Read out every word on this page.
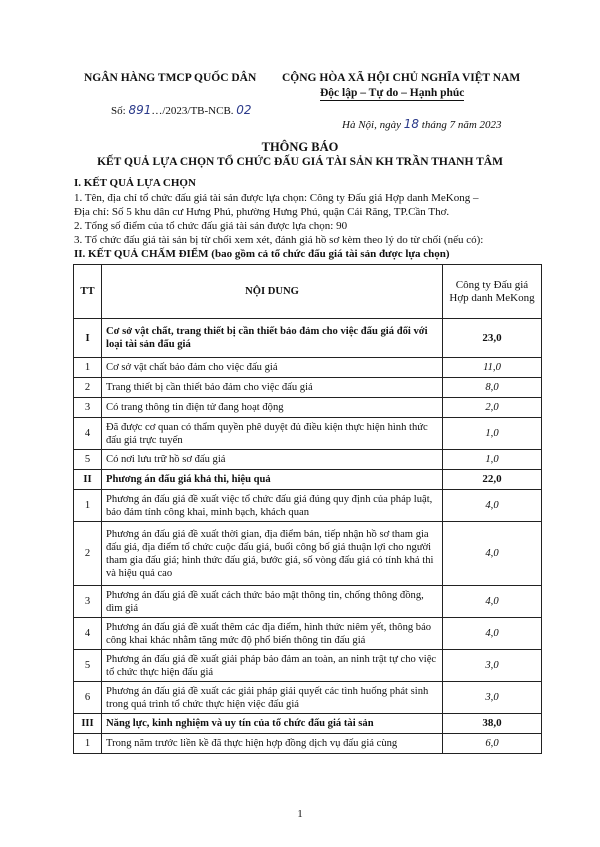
NGÂN HÀNG TMCP QUỐC DÂN CỘNG HÒA XÃ HỘI CHỦ NGHĨA VIỆT NAM
Độc lập – Tự do – Hạnh phúc
Số: 891…/2023/TB-NCB. 02
Hà Nội, ngày 18 tháng 7 năm 2023
THÔNG BÁO
KẾT QUẢ LỰA CHỌN TỔ CHỨC ĐẤU GIÁ TÀI SẢN KH TRẦN THANH TÂM
I. KẾT QUẢ LỰA CHỌN
1. Tên, địa chỉ tổ chức đấu giá tài sản được lựa chọn: Công ty Đấu giá Hợp danh MeKong –
Địa chỉ: Số 5 khu dân cư Hưng Phú, phường Hưng Phú, quận Cái Răng, TP.Cần Thơ.
2. Tổng số điểm của tổ chức đấu giá tài sản được lựa chọn: 90
3. Tổ chức đấu giá tài sản bị từ chối xem xét, đánh giá hồ sơ kèm theo lý do từ chối (nếu có):
II. KẾT QUẢ CHẤM ĐIỂM (bao gồm cả tổ chức đấu giá tài sản được lựa chọn)
TT	NỘI DUNG	Công ty Đấu giá Hợp danh MeKong
I	Cơ sở vật chất, trang thiết bị cần thiết bảo đảm cho việc đấu giá đối với loại tài sản đấu giá	23,0
1	Cơ sở vật chất bảo đảm cho việc đấu giá	11,0
2	Trang thiết bị cần thiết bảo đảm cho việc đấu giá	8,0
3	Có trang thông tin điện tử đang hoạt động	2,0
4	Đã được cơ quan có thẩm quyền phê duyệt đủ điều kiện thực hiện hình thức đấu giá trực tuyến	1,0
5	Có nơi lưu trữ hồ sơ đấu giá	1,0
II	Phương án đấu giá khả thi, hiệu quả	22,0
1	Phương án đấu giá đề xuất việc tổ chức đấu giá đúng quy định của pháp luật, bảo đảm tính công khai, minh bạch, khách quan	4,0
2	Phương án đấu giá đề xuất thời gian, địa điểm bán, tiếp nhận hồ sơ tham gia đấu giá, địa điểm tổ chức cuộc đấu giá, buổi công bố giá thuận lợi cho người tham gia đấu giá; hình thức đấu giá, bước giá, số vòng đấu giá có tính khả thi và hiệu quả cao	4,0
3	Phương án đấu giá đề xuất cách thức bảo mật thông tin, chống thông đồng, dìm giá	4,0
4	Phương án đấu giá đề xuất thêm các địa điểm, hình thức niêm yết, thông báo công khai khác nhằm tăng mức độ phổ biến thông tin đấu giá	4,0
5	Phương án đấu giá đề xuất giải pháp bảo đảm an toàn, an ninh trật tự cho việc tổ chức thực hiện đấu giá	3,0
6	Phương án đấu giá đề xuất các giải pháp giải quyết các tình huống phát sinh trong quá trình tổ chức thực hiện việc đấu giá	3,0
III	Năng lực, kinh nghiệm và uy tín của tổ chức đấu giá tài sản	38,0
1	Trong năm trước liền kề đã thực hiện hợp đồng dịch vụ đấu giá cùng	6,0
1
